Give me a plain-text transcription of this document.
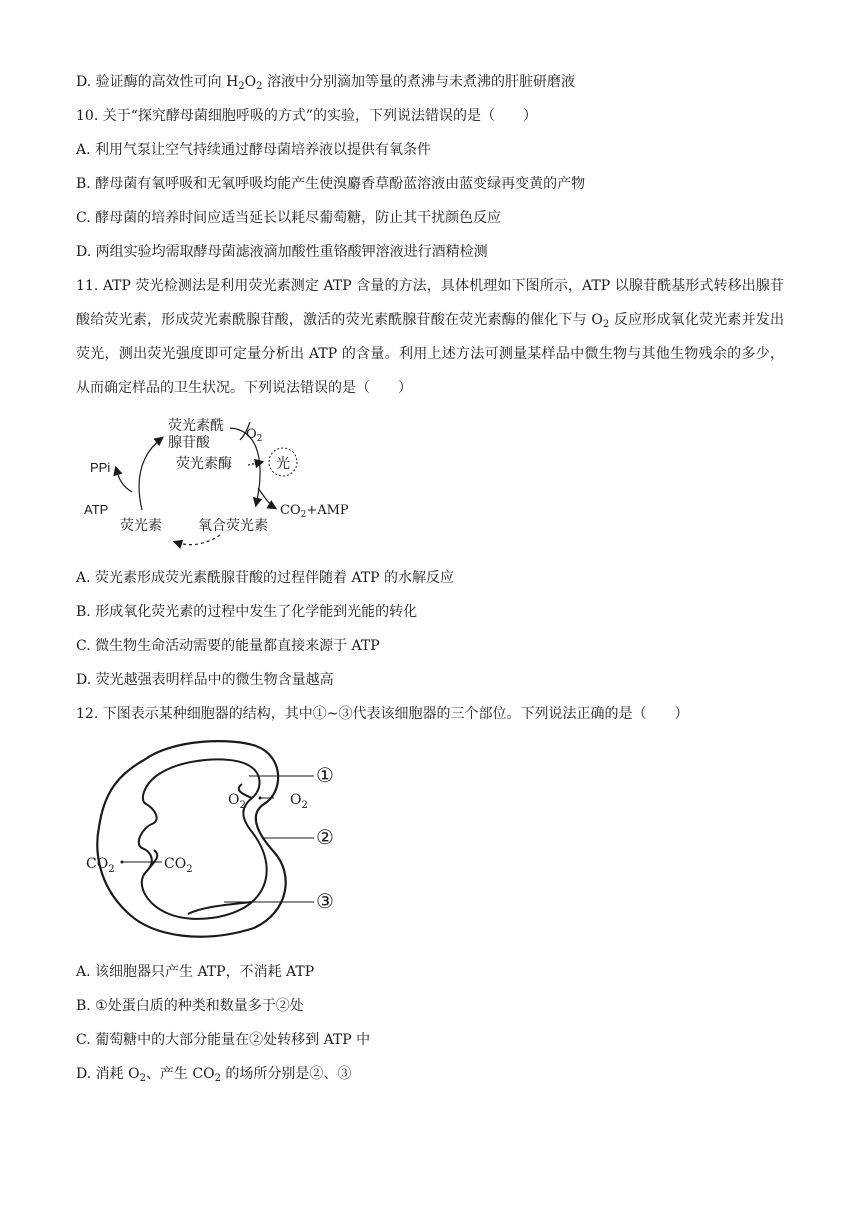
D. 验证酶的高效性可向 $H_2O_2$ 溶液中分别滴加等量的煮沸与未煮沸的肝脏研磨液
10. 关于“探究酵母菌细胞呼吸的方式”的实验，下列说法错误的是（　　）
A. 利用气泵让空气持续通过酵母菌培养液以提供有氧条件
B. 酵母菌有氧呼吸和无氧呼吸均能产生使溴麝香草酚蓝溶液由蓝变绿再变黄的产物
C. 酵母菌的培养时间应适当延长以耗尽葡萄糖，防止其干扰颜色反应
D. 两组实验均需取酵母菌滤液滴加酸性重铬酸钾溶液进行酒精检测
11. ATP 荧光检测法是利用荧光素测定 ATP 含量的方法，具体机理如下图所示，ATP 以腺苷酰基形式转移出腺苷酸给荧光素，形成荧光素酰腺苷酸，激活的荧光素酰腺苷酸在荧光素酶的催化下与 $O_2$ 反应形成氧化荧光素并发出荧光，测出荧光强度即可定量分析出 ATP 的含量。利用上述方法可测量某样品中微生物与其他生物残余的多少，从而确定样品的卫生状况。下列说法错误的是（　　）
荧光素酰
腺苷酸
$O_2$
荧光素酶	光
PPi
ATP	$CO_2+AMP$
荧光素	氧合荧光素
A. 荧光素形成荧光素酰腺苷酸的过程伴随着 ATP 的水解反应
B. 形成氧化荧光素的过程中发生了化学能到光能的转化
C. 微生物生命活动需要的能量都直接来源于 ATP
D. 荧光越强表明样品中的微生物含量越高
12. 下图表示某种细胞器的结构，其中①~③代表该细胞器的三个部位。下列说法正确的是（　　）
①
②
③
$O_2$	$O_2$
$CO_2$	$CO_2$
A. 该细胞器只产生 ATP，不消耗 ATP
B. ①处蛋白质的种类和数量多于②处
C. 葡萄糖中的大部分能量在②处转移到 ATP 中
D. 消耗 $O_2$、产生 $CO_2$ 的场所分别是②、③
